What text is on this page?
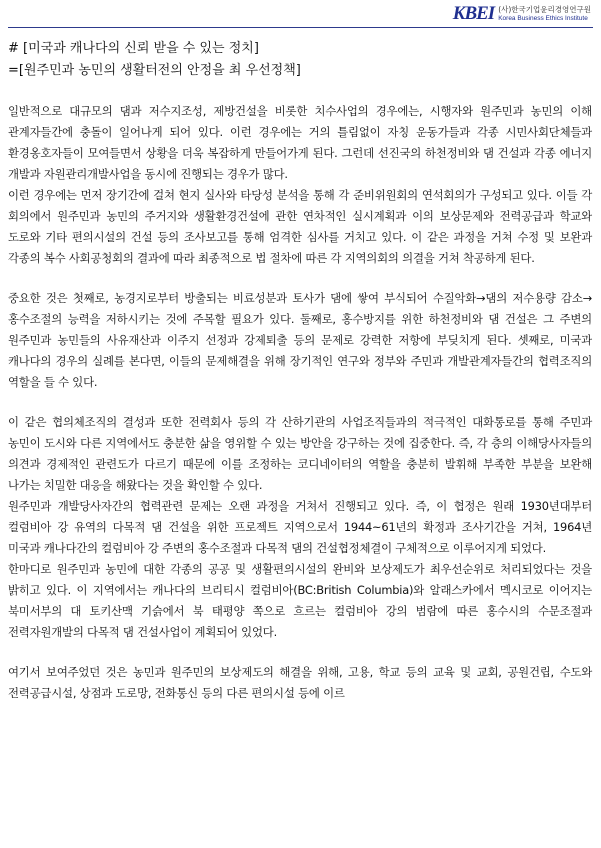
KBEI (사)한국기업윤리경영연구원
Korea Business Ethics Institute

# [미국과 캐나다의 신뢰 받을 수 있는 정치]

=[원주민과 농민의 생활터전의 안정을 최 우선정책]

일반적으로 대규모의 댐과 저수지조성, 제방건설을 비롯한 치수사업의 경우에는, 시행자와 원주민과 농민의 이해 관계자들간에 충돌이 일어나게 되어 있다. 이런 경우에는 거의 틀림없이 자칭 운동가들과 각종 시민사회단체들과 환경옹호자들이 모여들면서 상황을 더욱 복잡하게 만들어가게 된다. 그런데 선진국의 하천정비와 댐 건설과 각종 에너지 개발과 자원관리개발사업을 동시에 진행되는 경우가 많다.

이런 경우에는 먼저 장기간에 걸쳐 현지 실사와 타당성 분석을 통해 각 준비위원회의 연석회의가 구성되고 있다. 이들 각 회의에서 원주민과 농민의 주거지와 생활환경건설에 관한 연차적인 실시계획과 이의 보상문제와 전력공급과 학교와 도로와 기타 편의시설의 건설 등의 조사보고를 통해 엄격한 심사를 거치고 있다. 이 같은 과정을 거쳐 수정 및 보완과 각종의 복수 사회공청회의 결과에 따라 최종적으로 법 절차에 따른 각 지역의회의 의결을 거쳐 착공하게 된다.

중요한 것은 첫째로, 농경지로부터 방출되는 비료성분과 토사가 댐에 쌓여 부식되어 수질악화→댐의 저수용량 감소→홍수조절의 능력을 저하시키는 것에 주목할 필요가 있다. 둘째로, 홍수방지를 위한 하천정비와 댐 건설은 그 주변의 원주민과 농민들의 사유재산과 이주지 선정과 강제퇴출 등의 문제로 강력한 저항에 부딪치게 된다. 셋째로, 미국과 캐나다의 경우의 실례를 본다면, 이들의 문제해결을 위해 장기적인 연구와 정부와 주민과 개발관계자들간의 협력조직의 역할을 들 수 있다.

이 같은 협의체조직의 결성과 또한 전력회사 등의 각 산하기관의 사업조직들과의 적극적인 대화통로를 통해 주민과 농민이 도시와 다른 지역에서도 충분한 삶을 영위할 수 있는 방안을 강구하는 것에 집중한다. 즉, 각 층의 이해당사자들의 의견과 경제적인 관련도가 다르기 때문에 이를 조정하는 코디네이터의 역할을 충분히 발휘해 부족한 부분을 보완해 나가는 치밀한 대응을 해왔다는 것을 확인할 수 있다.

원주민과 개발당사자간의 협력관련 문제는 오랜 과정을 거쳐서 진행되고 있다. 즉, 이 협정은 원래 1930년대부터 컬럼비아 강 유역의 다목적 댐 건설을 위한 프로젝트 지역으로서 1944~61년의 확정과 조사기간을 거쳐, 1964년 미국과 캐나다간의 컬럼비아 강 주변의 홍수조절과 다목적 댐의 건설협정체결이 구체적으로 이루어지게 되었다.

한마디로 원주민과 농민에 대한 각종의 공공 및 생활편의시설의 완비와 보상제도가 최우선순위로 처리되었다는 것을 밝히고 있다. 이 지역에서는 캐나다의 브리티시 컬럼비아(BC:British Columbia)와 알래스카에서 멕시코로 이어지는 북미서부의 대 토키산맥 기슭에서 북 태평양 쪽으로 흐르는 컬럼비아 강의 범람에 따른 홍수시의 수문조절과 전력자원개발의 다목적 댐 건설사업이 계획되어 있었다.

여기서 보여주었던 것은 농민과 원주민의 보상제도의 해결을 위해, 고용, 학교 등의 교육 및 교회, 공원건립, 수도와 전력공급시설, 상점과 도로망, 전화통신 등의 다른 편의시설 등에 이르
